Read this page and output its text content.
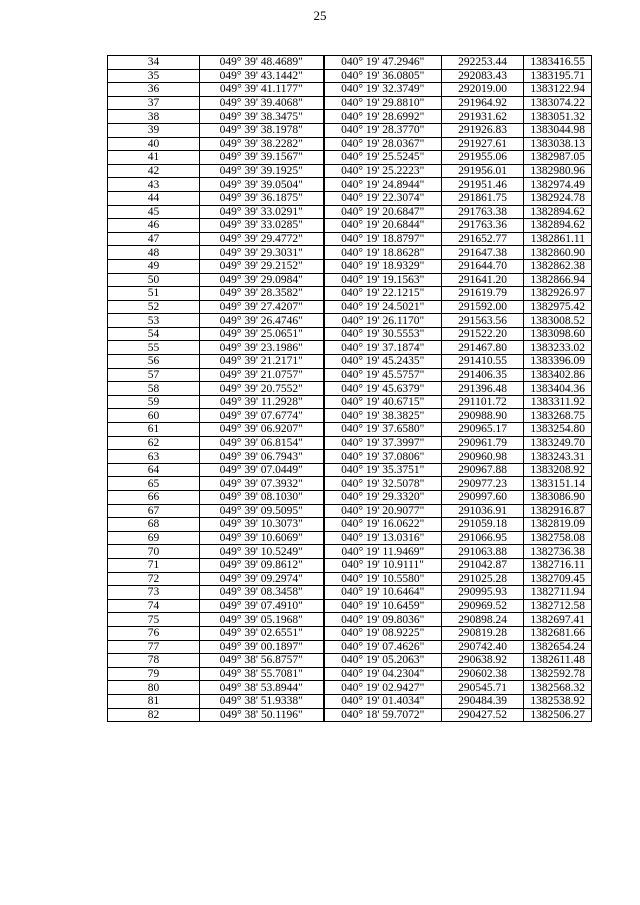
25
34	049° 39' 48.4689"	040° 19' 47.2946"	292253.44	1383416.55
35	049° 39' 43.1442"	040° 19' 36.0805"	292083.43	1383195.71
36	049° 39' 41.1177"	040° 19' 32.3749"	292019.00	1383122.94
37	049° 39' 39.4068"	040° 19' 29.8810"	291964.92	1383074.22
38	049° 39' 38.3475"	040° 19' 28.6992"	291931.62	1383051.32
39	049° 39' 38.1978"	040° 19' 28.3770"	291926.83	1383044.98
40	049° 39' 38.2282"	040° 19' 28.0367"	291927.61	1383038.13
41	049° 39' 39.1567"	040° 19' 25.5245"	291955.06	1382987.05
42	049° 39' 39.1925"	040° 19' 25.2223"	291956.01	1382980.96
43	049° 39' 39.0504"	040° 19' 24.8944"	291951.46	1382974.49
44	049° 39' 36.1875"	040° 19' 22.3074"	291861.75	1382924.78
45	049° 39' 33.0291"	040° 19' 20.6847"	291763.38	1382894.62
46	049° 39' 33.0285"	040° 19' 20.6844"	291763.36	1382894.62
47	049° 39' 29.4772"	040° 19' 18.8797"	291652.77	1382861.11
48	049° 39' 29.3031"	040° 19' 18.8628"	291647.38	1382860.90
49	049° 39' 29.2152"	040° 19' 18.9329"	291644.70	1382862.38
50	049° 39' 29.0984"	040° 19' 19.1563"	291641.20	1382866.94
51	049° 39' 28.3582"	040° 19' 22.1215"	291619.79	1382926.97
52	049° 39' 27.4207"	040° 19' 24.5021"	291592.00	1382975.42
53	049° 39' 26.4746"	040° 19' 26.1170"	291563.56	1383008.52
54	049° 39' 25.0651"	040° 19' 30.5553"	291522.20	1383098.60
55	049° 39' 23.1986"	040° 19' 37.1874"	291467.80	1383233.02
56	049° 39' 21.2171"	040° 19' 45.2435"	291410.55	1383396.09
57	049° 39' 21.0757"	040° 19' 45.5757"	291406.35	1383402.86
58	049° 39' 20.7552"	040° 19' 45.6379"	291396.48	1383404.36
59	049° 39' 11.2928"	040° 19' 40.6715"	291101.72	1383311.92
60	049° 39' 07.6774"	040° 19' 38.3825"	290988.90	1383268.75
61	049° 39' 06.9207"	040° 19' 37.6580"	290965.17	1383254.80
62	049° 39' 06.8154"	040° 19' 37.3997"	290961.79	1383249.70
63	049° 39' 06.7943"	040° 19' 37.0806"	290960.98	1383243.31
64	049° 39' 07.0449"	040° 19' 35.3751"	290967.88	1383208.92
65	049° 39' 07.3932"	040° 19' 32.5078"	290977.23	1383151.14
66	049° 39' 08.1030"	040° 19' 29.3320"	290997.60	1383086.90
67	049° 39' 09.5095"	040° 19' 20.9077"	291036.91	1382916.87
68	049° 39' 10.3073"	040° 19' 16.0622"	291059.18	1382819.09
69	049° 39' 10.6069"	040° 19' 13.0316"	291066.95	1382758.08
70	049° 39' 10.5249"	040° 19' 11.9469"	291063.88	1382736.38
71	049° 39' 09.8612"	040° 19' 10.9111"	291042.87	1382716.11
72	049° 39' 09.2974"	040° 19' 10.5580"	291025.28	1382709.45
73	049° 39' 08.3458"	040° 19' 10.6464"	290995.93	1382711.94
74	049° 39' 07.4910"	040° 19' 10.6459"	290969.52	1382712.58
75	049° 39' 05.1968"	040° 19' 09.8036"	290898.24	1382697.41
76	049° 39' 02.6551"	040° 19' 08.9225"	290819.28	1382681.66
77	049° 39' 00.1897"	040° 19' 07.4626"	290742.40	1382654.24
78	049° 38' 56.8757"	040° 19' 05.2063"	290638.92	1382611.48
79	049° 38' 55.7081"	040° 19' 04.2304"	290602.38	1382592.78
80	049° 38' 53.8944"	040° 19' 02.9427"	290545.71	1382568.32
81	049° 38' 51.9338"	040° 19' 01.4034"	290484.39	1382538.92
82	049° 38' 50.1196"	040° 18' 59.7072"	290427.52	1382506.27
